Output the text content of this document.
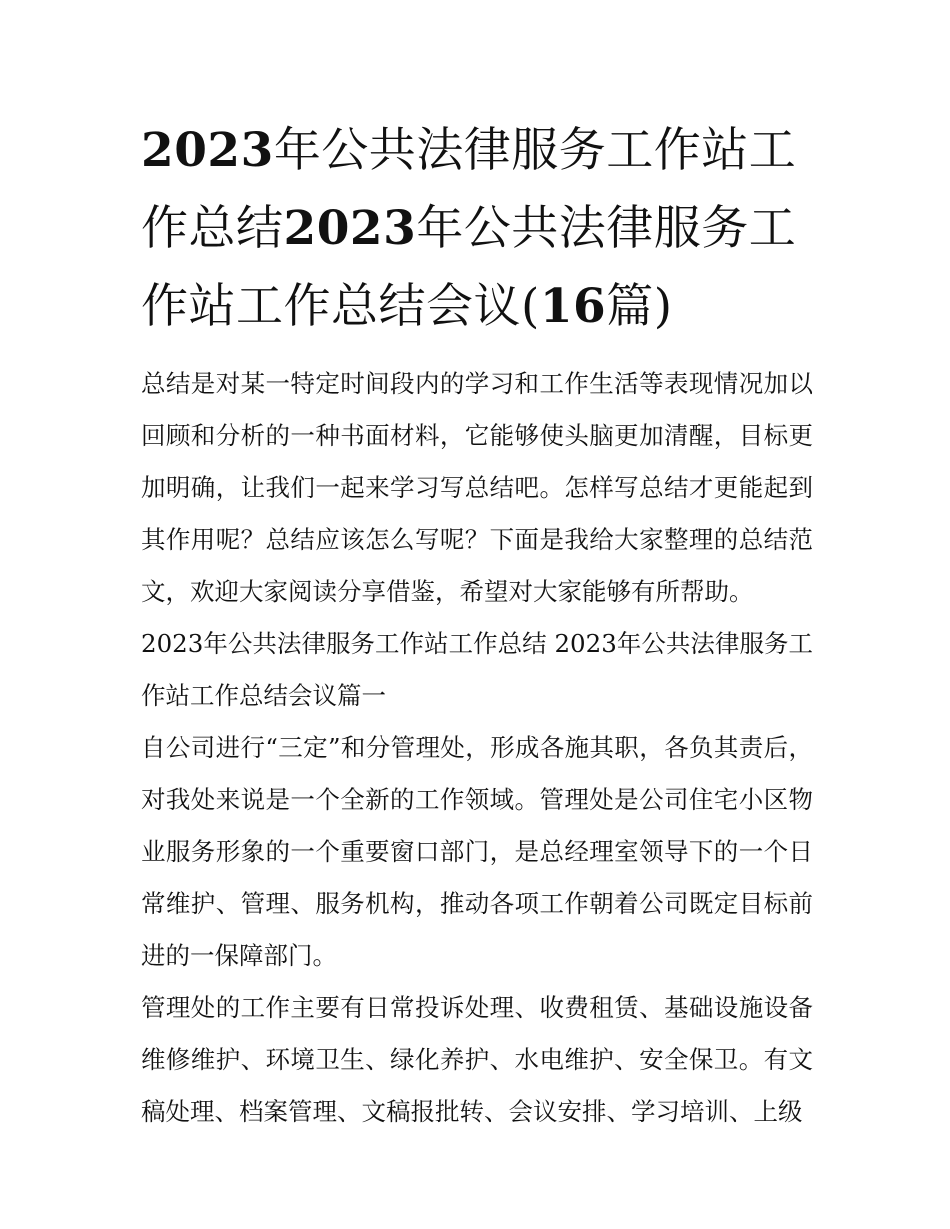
2023年公共法律服务工作站工作总结2023年公共法律服务工作站工作总结会议(16篇)

总结是对某一特定时间段内的学习和工作生活等表现情况加以回顾和分析的一种书面材料，它能够使头脑更加清醒，目标更加明确，让我们一起来学习写总结吧。怎样写总结才更能起到其作用呢？总结应该怎么写呢？下面是我给大家整理的总结范文，欢迎大家阅读分享借鉴，希望对大家能够有所帮助。

2023年公共法律服务工作站工作总结 2023年公共法律服务工作站工作总结会议篇一

自公司进行“三定”和分管理处，形成各施其职，各负其责后，对我处来说是一个全新的工作领域。管理处是公司住宅小区物业服务形象的一个重要窗口部门，是总经理室领导下的一个日常维护、管理、服务机构，推动各项工作朝着公司既定目标前进的一保障部门。

管理处的工作主要有日常投诉处理、收费租赁、基础设施设备维修维护、环境卫生、绿化养护、水电维护、安全保卫。有文稿处理、档案管理、文稿报批转、会议安排、学习培训、上级
